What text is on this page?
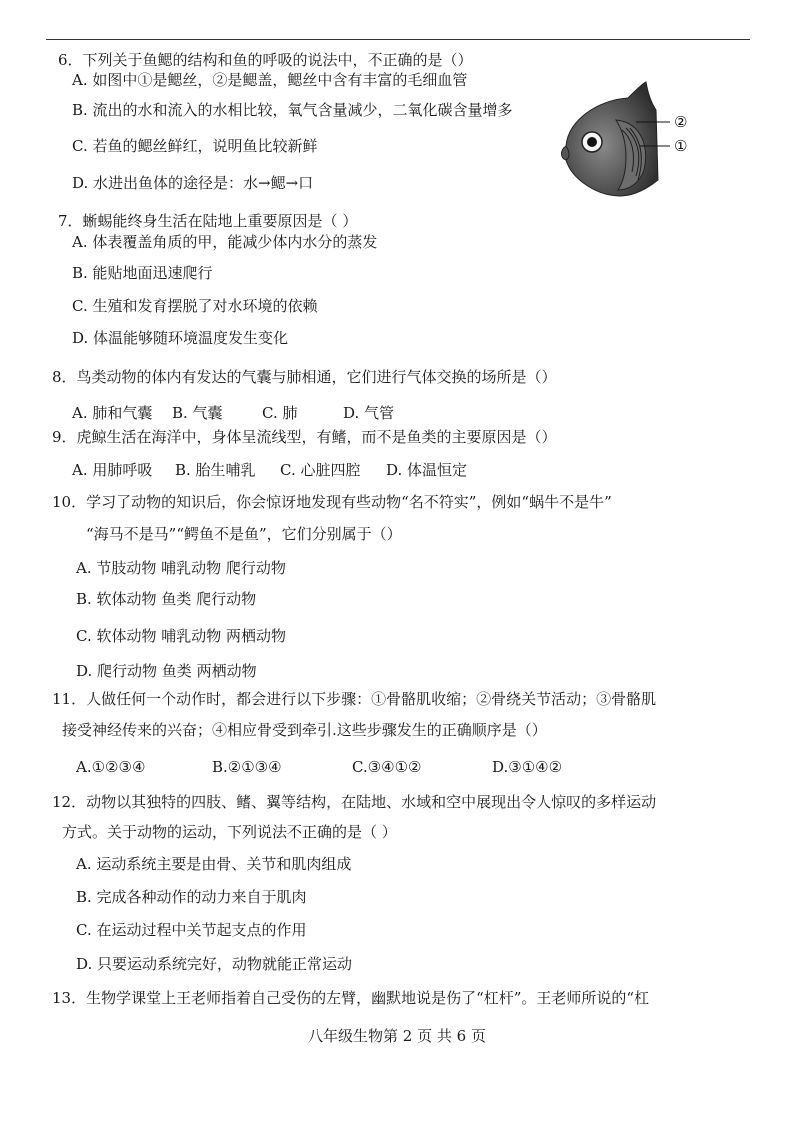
6．下列关于鱼鳃的结构和鱼的呼吸的说法中，不正确的是（）
A. 如图中①是鳃丝，②是鳃盖，鳃丝中含有丰富的毛细血管
B. 流出的水和流入的水相比较，氧气含量减少，二氧化碳含量增多
C. 若鱼的鳃丝鲜红，说明鱼比较新鲜
D. 水进出鱼体的途径是：水→鳃→口
②
①
7．蜥蜴能终身生活在陆地上重要原因是（ ）
A. 体表覆盖角质的甲，能减少体内水分的蒸发
B. 能贴地面迅速爬行
C. 生殖和发育摆脱了对水环境的依赖
D. 体温能够随环境温度发生变化
8．鸟类动物的体内有发达的气囊与肺相通，它们进行气体交换的场所是（）
A. 肺和气囊 B. 气囊	C. 肺	D. 气管
9．虎鲸生活在海洋中，身体呈流线型，有鳍，而不是鱼类的主要原因是（）
A. 用肺呼吸 B. 胎生哺乳 C. 心脏四腔 D. 体温恒定
10．学习了动物的知识后，你会惊讶地发现有些动物“名不符实”，例如“蜗牛不是牛”
“海马不是马”“鳄鱼不是鱼”，它们分别属于（）
A. 节肢动物 哺乳动物 爬行动物
B. 软体动物 鱼类 爬行动物
C. 软体动物 哺乳动物 两栖动物
D. 爬行动物 鱼类 两栖动物
11．人做任何一个动作时，都会进行以下步骤：①骨骼肌收缩；②骨绕关节活动；③骨骼肌
接受神经传来的兴奋；④相应骨受到牵引.这些步骤发生的正确顺序是（）
A.①②③④	B.②①③④	C.③④①②	D.③①④②
12．动物以其独特的四肢、鳍、翼等结构，在陆地、水域和空中展现出令人惊叹的多样运动
方式。关于动物的运动，下列说法不正确的是（ ）
A. 运动系统主要是由骨、关节和肌肉组成
B. 完成各种动作的动力来自于肌肉
C. 在运动过程中关节起支点的作用
D. 只要运动系统完好，动物就能正常运动
13．生物学课堂上王老师指着自己受伤的左臂，幽默地说是伤了“杠杆”。王老师所说的“杠
八年级生物第 2 页 共 6 页
